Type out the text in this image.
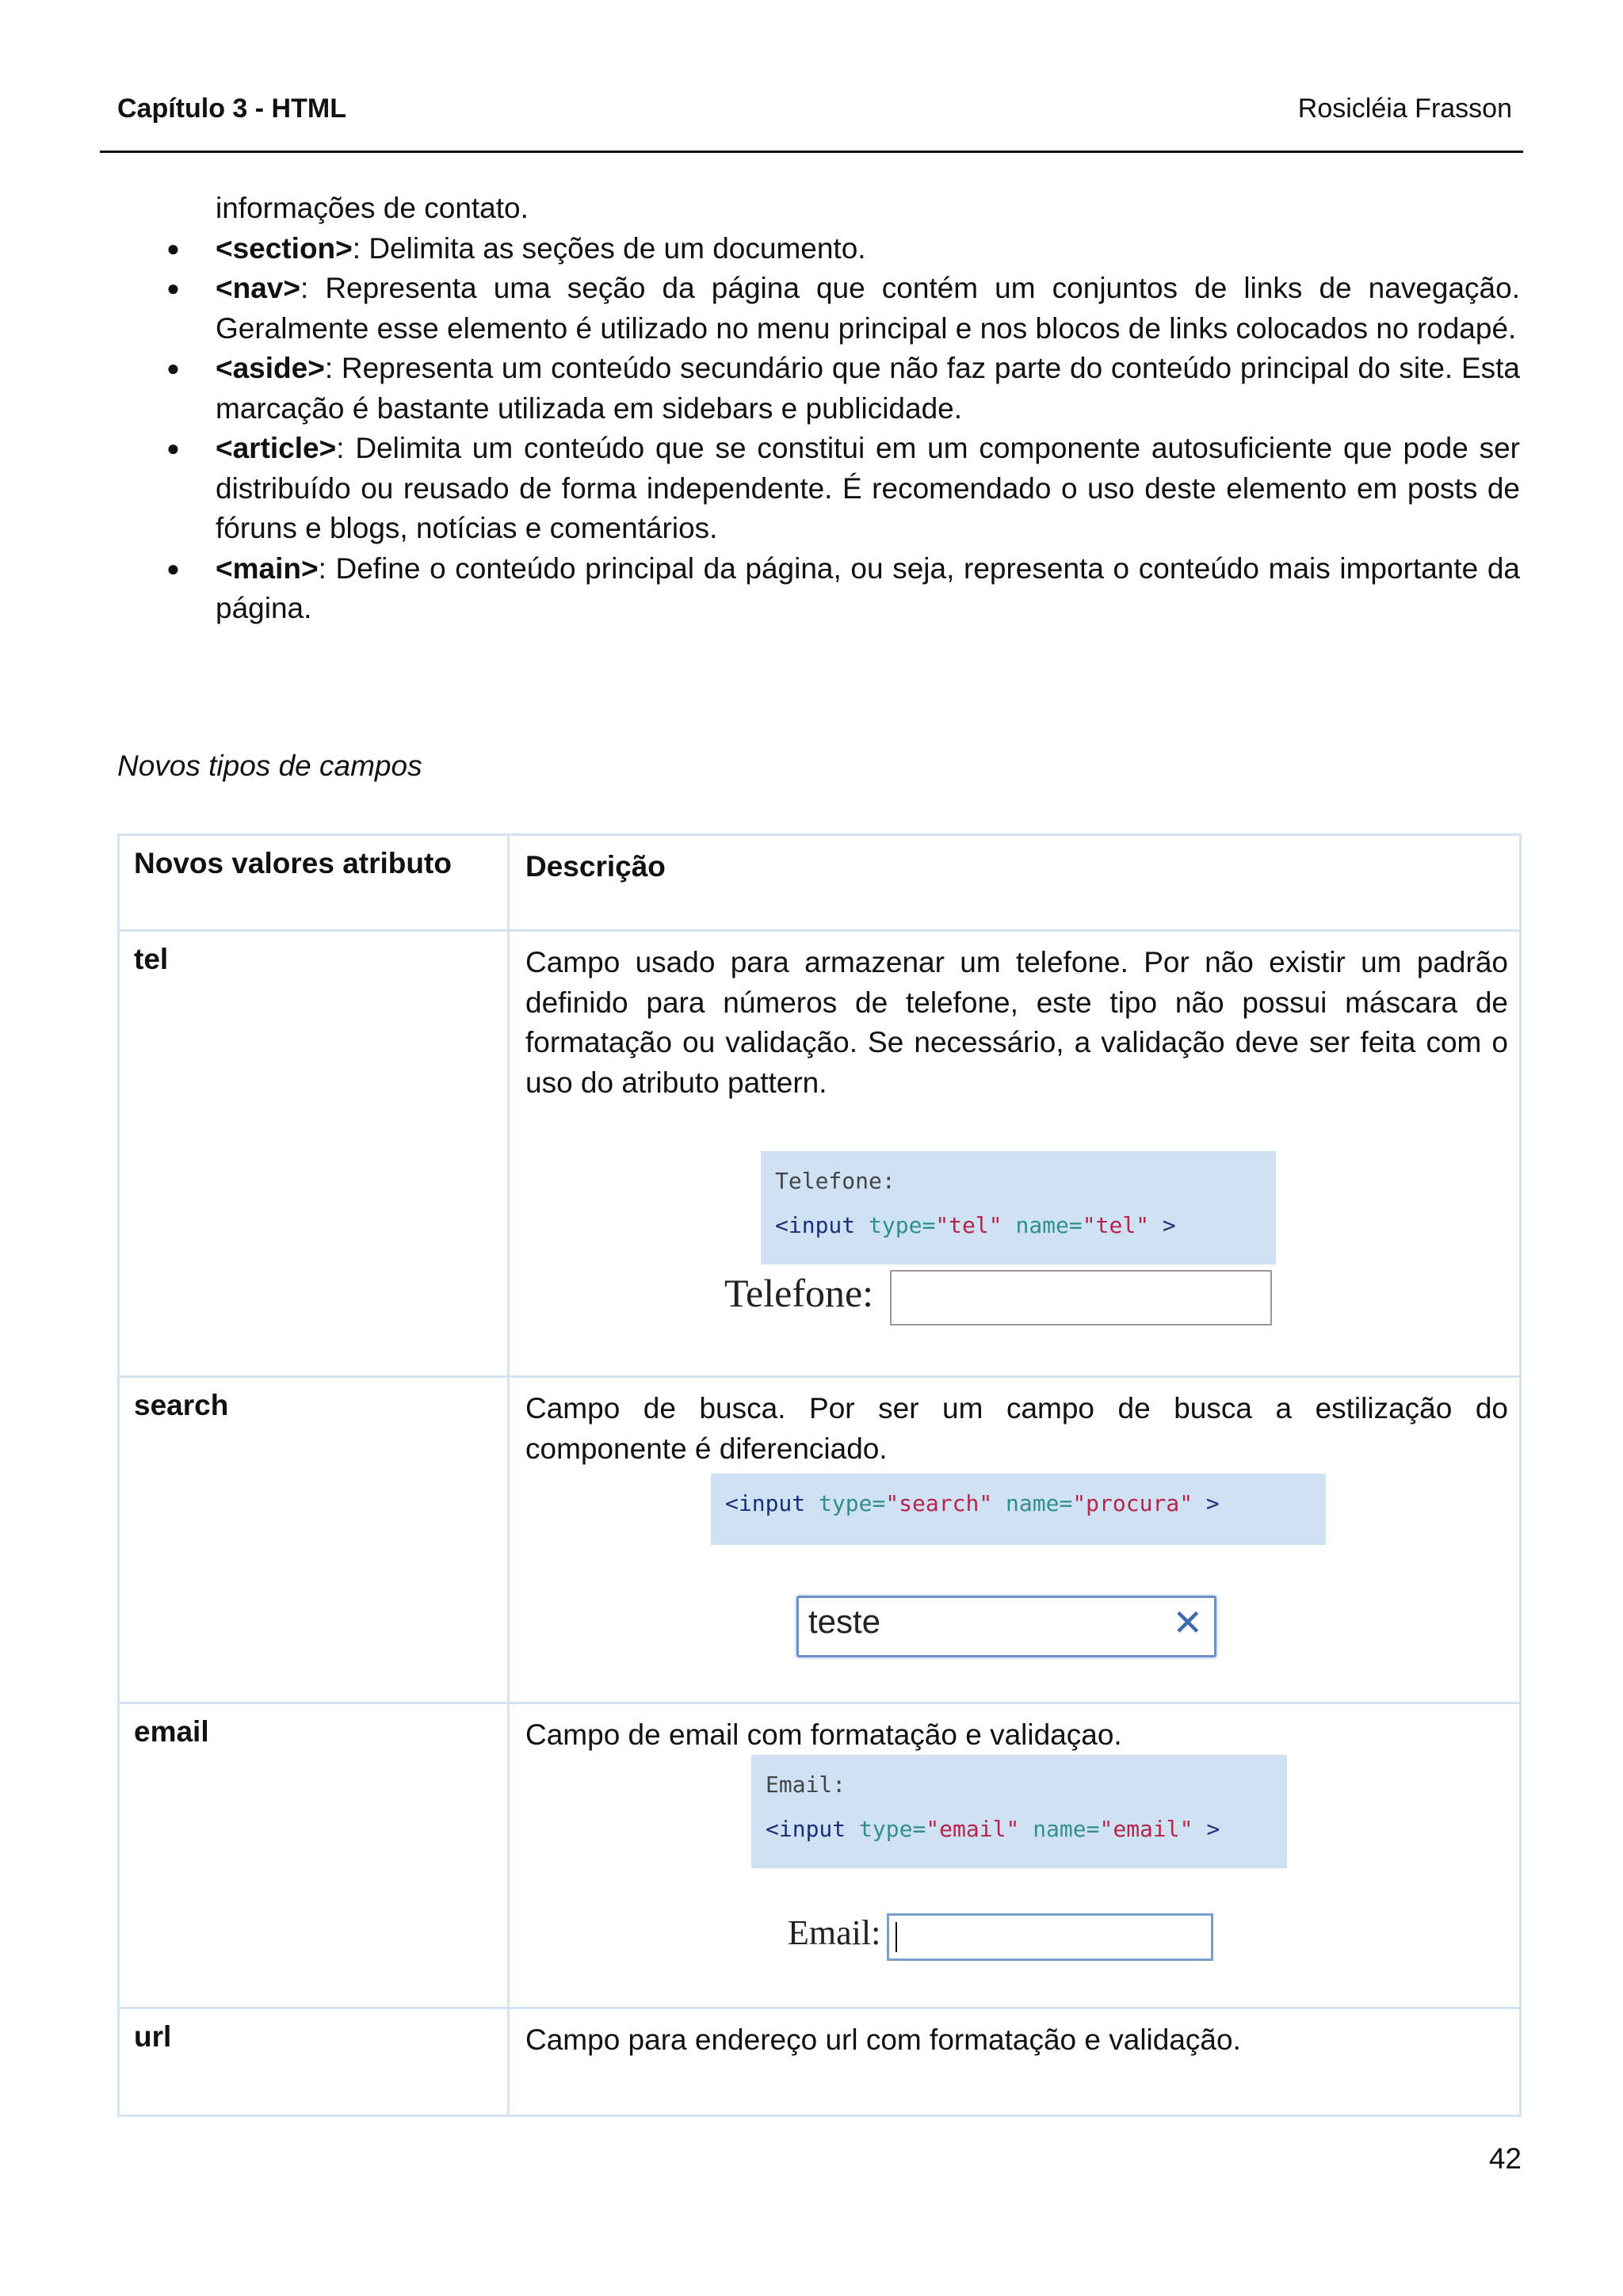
Capítulo 3 - HTML	Rosicléia Frasson
informações de contato.
● <section>: Delimita as seções de um documento.
● <nav>: Representa uma seção da página que contém um conjuntos de links de navegação. Geralmente esse elemento é utilizado no menu principal e nos blocos de links colocados no rodapé.
● <aside>: Representa um conteúdo secundário que não faz parte do conteúdo principal do site. Esta marcação é bastante utilizada em sidebars e publicidade.
● <article>: Delimita um conteúdo que se constitui em um componente autosuficiente que pode ser distribuído ou reusado de forma independente. É recomendado o uso deste elemento em posts de fóruns e blogs, notícias e comentários.
● <main>: Define o conteúdo principal da página, ou seja, representa o conteúdo mais importante da página.
Novos tipos de campos
Novos valores atributo	Descrição
tel	Campo usado para armazenar um telefone. Por não existir um padrão definido para números de telefone, este tipo não possui máscara de formatação ou validação. Se necessário, a validação deve ser feita com o uso do atributo pattern.
Telefone:
<input type="tel" name="tel" >
Telefone:
search	Campo de busca. Por ser um campo de busca a estilização do componente é diferenciado.
<input type="search" name="procura" >
teste	✕
email	Campo de email com formatação e validaçao.
Email:
<input type="email" name="email" >
Email:
url	Campo para endereço url com formatação e validação.
42
